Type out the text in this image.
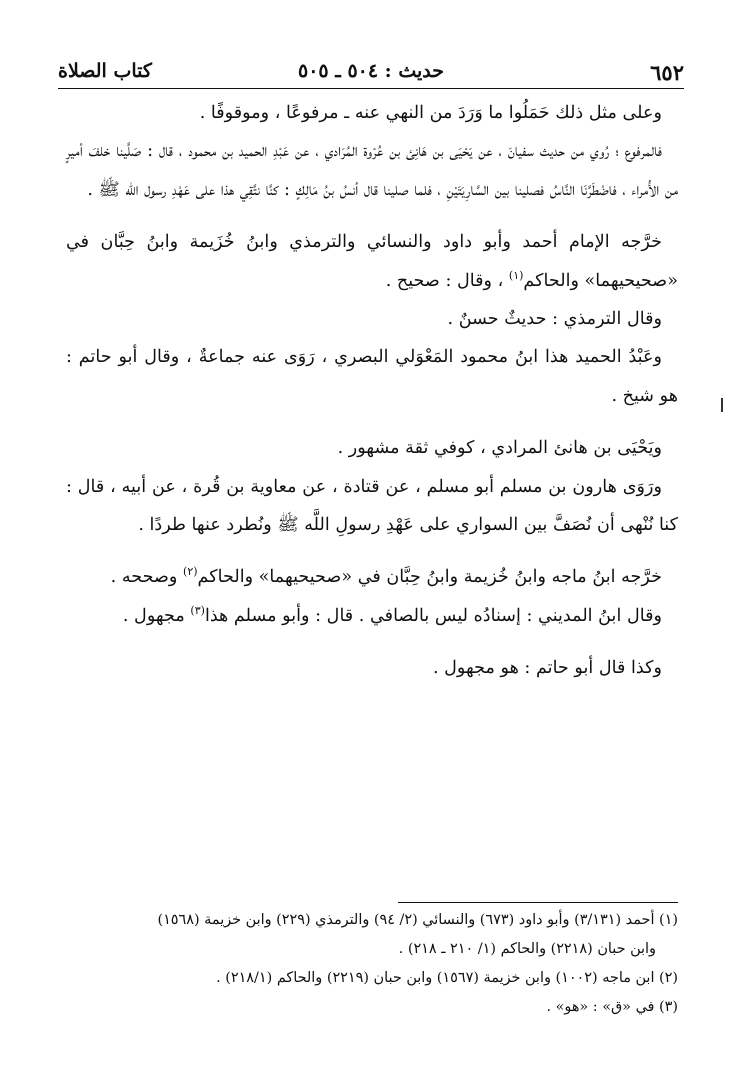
٦٥٢
حديث : ٥٠٤ ـ ٥٠٥
كتاب الصلاة

وعلى مثل ذلك حَمَلُوا ما وَرَدَ من النهي عنه ـ مرفوعًا ، وموقوفًا .

فالمرفوع ؛ رُوي من حديث سفيانَ ، عن يَحْيَى بن هَانِئ بن عُرْوة المُرَادي ، عن عَبْدِ الحميد بن محمود ، قال : صَلَّينا خلفَ أميرٍ من الأُمراء ، فاضْطَرَّنَا النَّاسُ فصلينا بين السَّارِيَتَيْنِ ، فلما صلينا قال أنسُ بنُ مَالِكٍ : كنَّا نتَّقِي هذا على عَهْدِ رسول الله ﷺ .

خرَّجه الإمام أحمد وأبو داود والنسائي والترمذي وابنُ خُزَيمة وابنُ حِبَّان في «صحيحيهما» والحاكم$^{(١)}$ ، وقال : صحيح .

وقال الترمذي : حديثٌ حسنٌ .

وعَبْدُ الحميد هذا ابنُ محمود المَعْوَلي البصري ، رَوَى عنه جماعةٌ ، وقال أبو حاتم : هو شيخ .

ويَحْيَى بن هانئ المرادي ، كوفي ثقة مشهور .

ورَوَى هارون بن مسلم أبو مسلم ، عن قتادة ، عن معاوية بن قُرة ، عن أبيه ، قال : كنا نُنْهى أن نُصَفَّ بين السواري على عَهْدِ رسولِ اللَّه ﷺ ونُطرد عنها طردًا .

خرَّجه ابنُ ماجه وابنُ خُزيمة وابنُ حِبَّان في «صحيحيهما» والحاكم$^{(٢)}$ وصححه .

وقال ابنُ المديني : إسنادُه ليس بالصافي . قال : وأبو مسلم هذا$^{(٣)}$ مجهول .

وكذا قال أبو حاتم : هو مجهول .

(١) أحمد (٣/١٣١) وأبو داود (٦٧٣) والنسائي (٢/ ٩٤) والترمذي (٢٢٩) وابن خزيمة (١٥٦٨)

وابن حبان (٢٢١٨) والحاكم (١/ ٢١٠ ـ ٢١٨) .

(٢) ابن ماجه (١٠٠٢) وابن خزيمة (١٥٦٧) وابن حبان (٢٢١٩) والحاكم (٢١٨/١) .

(٣) في «ق» : «هو» .
